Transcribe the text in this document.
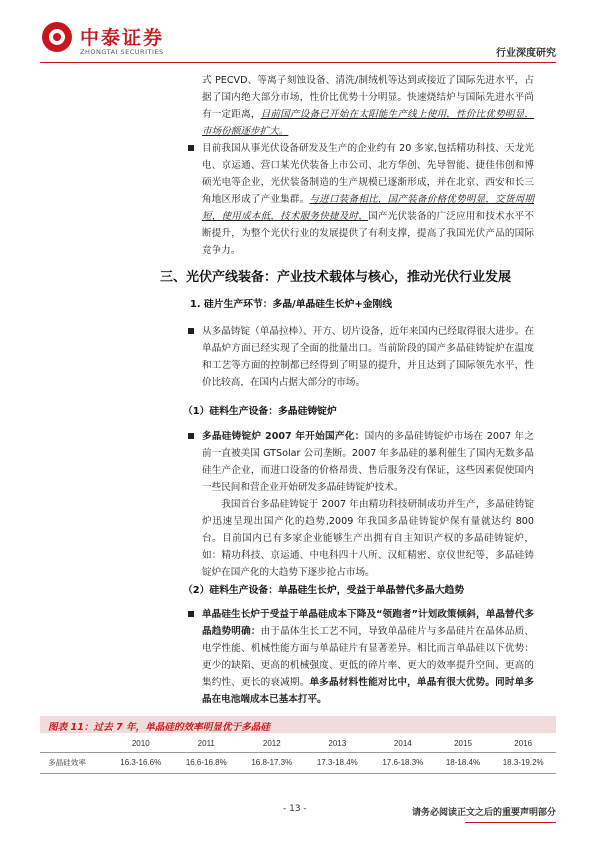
中泰证券
ZHONGTAI SECURITIES	行业深度研究

式 PECVD、等离子刻蚀设备、清洗/制绒机等达到或接近了国际先进水平，占据了国内绝大部分市场，性价比优势十分明显。快速烧结炉与国际先进水平尚有一定距离，目前国产设备已开始在太阳能生产线上使用，性价比优势明显，市场份额逐步扩大。

目前我国从事光伏设备研发及生产的企业约有 20 多家,包括精功科技、天龙光电、京运通、营口某光伏装备上市公司、北方华创、先导智能、捷佳伟创和博硕光电等企业，光伏装备制造的生产规模已逐渐形成，并在北京、西安和长三角地区形成了产业集群。与进口装备相比，国产装备价格优势明显，交货周期短，使用成本低，技术服务快捷及时，国产光伏装备的广泛应用和技术水平不断提升，为整个光伏行业的发展提供了有利支撑，提高了我国光伏产品的国际竞争力。

三、光伏产线装备：产业技术载体与核心，推动光伏行业发展
1. 硅片生产环节：多晶/单晶硅生长炉+金刚线

从多晶铸锭（单晶拉棒）、开方、切片设备，近年来国内已经取得很大进步。在单晶炉方面已经实现了全面的批量出口。当前阶段的国产多晶硅铸锭炉在温度和工艺等方面的控制都已经得到了明显的提升，并且达到了国际领先水平，性价比较高，在国内占据大部分的市场。

（1）硅料生产设备：多晶硅铸锭炉

多晶硅铸锭炉 2007 年开始国产化：国内的多晶硅铸锭炉市场在 2007 年之前一直被美国 GTSolar 公司垄断。2007 年多晶硅的暴利催生了国内无数多晶硅生产企业，而进口设备的价格昂贵、售后服务没有保证，这些因素促使国内一些民间和营企业开始研发多晶硅铸锭炉技术。

我国首台多晶硅铸锭于 2007 年由精功科技研制成功并生产，多晶硅铸锭炉迅速呈现出国产化的趋势,2009 年我国多晶硅铸锭炉保有量就达约 800 台。目前国内已有多家企业能够生产出拥有自主知识产权的多晶硅铸锭炉，如：精功科技、京运通、中电科四十八所、汉虹精密、京仪世纪等，多晶硅铸锭炉在国产化的大趋势下逐步抢占市场。

（2）硅料生产设备：单晶硅生长炉，受益于单晶替代多晶大趋势

单晶硅生长炉于受益于单晶硅成本下降及“领跑者”计划政策倾斜，单晶替代多晶趋势明确：由于晶体生长工艺不同，导致单晶硅片与多晶硅片在晶体品质、电学性能、机械性能方面与单晶硅片有显著差异。相比而言单晶硅以下优势：更少的缺陷、更高的机械强度、更低的碎片率、更大的效率提升空间、更高的集约性、更长的衰减期。单多晶材料性能对比中，单晶有很大优势。同时单多晶在电池端成本已基本打平。

图表 11：过去 7 年，单晶硅的效率明显优于多晶硅
	2010	2011	2012	2013	2014	2015	2016
多晶硅效率	16.3-16.6%	16.6-16.8%	16.8-17.3%	17.3-18.4%	17.6-18.3%	18-18.4%	18.3-19.2%
- 13 -	请务必阅读正文之后的重要声明部分
